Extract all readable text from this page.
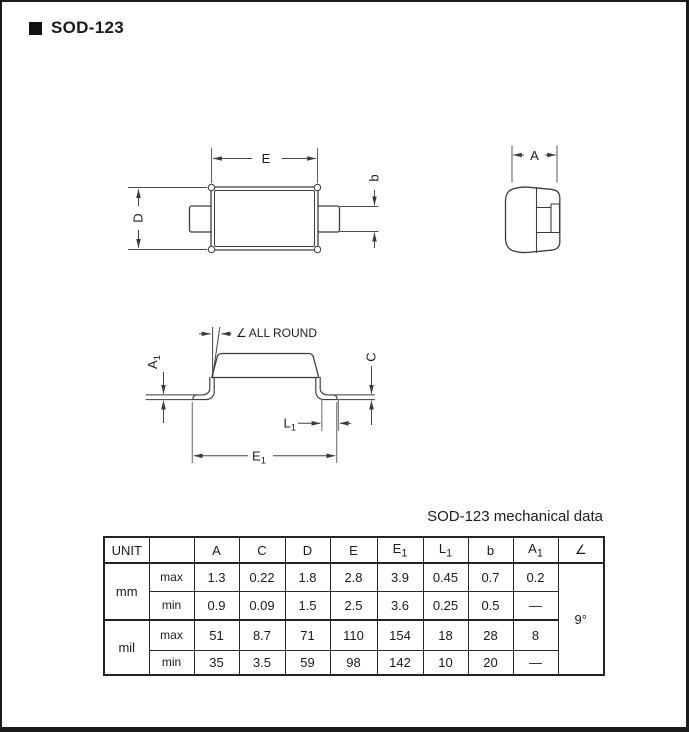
SOD-123
E
D
b
A
∠ ALL ROUND
$A_1$	C
$L_1$
$E_1$
SOD-123 mechanical data
UNIT		A	C	D	E	$E_1$	$L_1$	b	$A_1$	∠
mm	max	1.3	0.22	1.8	2.8	3.9	0.45	0.7	0.2	9°
	min	0.9	0.09	1.5	2.5	3.6	0.25	0.5	—	
mil	max	51	8.7	71	110	154	18	28	8	
	min	35	3.5	59	98	142	10	20	—	
